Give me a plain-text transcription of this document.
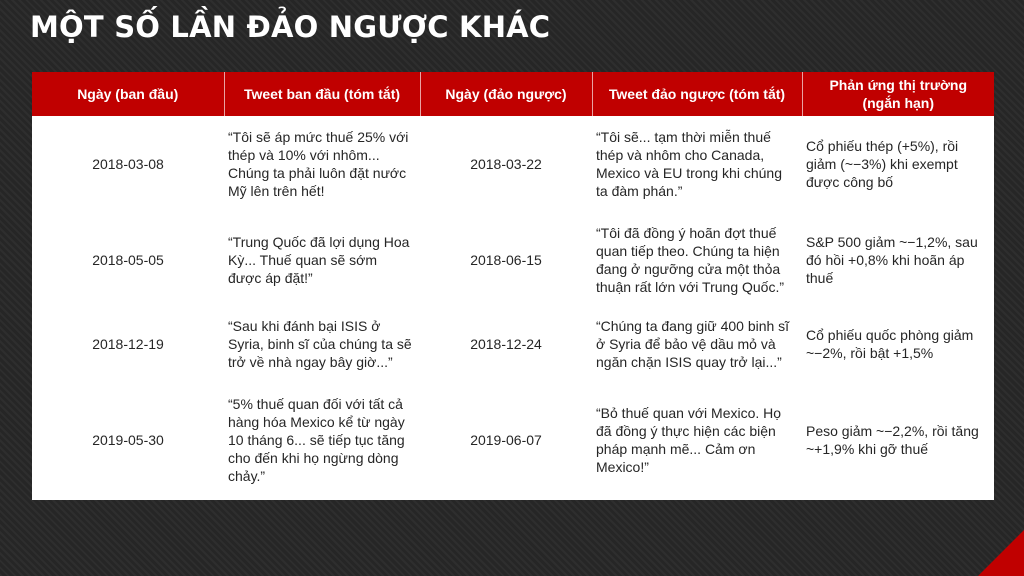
MỘT SỐ LẦN ĐẢO NGƯỢC KHÁC
Ngày (ban đầu)	Tweet ban đầu (tóm tắt)	Ngày (đảo ngược)	Tweet đảo ngược (tóm tắt)	Phản ứng thị trường (ngắn hạn)
2018-03-08	“Tôi sẽ áp mức thuế 25% với thép và 10% với nhôm... Chúng ta phải luôn đặt nước Mỹ lên trên hết!	2018-03-22	“Tôi sẽ... tạm thời miễn thuế thép và nhôm cho Canada, Mexico và EU trong khi chúng ta đàm phán.”	Cổ phiếu thép (+5%), rồi giảm (~−3%) khi exempt được công bố
2018-05-05	“Trung Quốc đã lợi dụng Hoa Kỳ... Thuế quan sẽ sớm được áp đặt!”	2018-06-15	“Tôi đã đồng ý hoãn đợt thuế quan tiếp theo. Chúng ta hiện đang ở ngưỡng cửa một thỏa thuận rất lớn với Trung Quốc.”	S&P 500 giảm ~−1,2%, sau đó hồi +0,8% khi hoãn áp thuế
2018-12-19	“Sau khi đánh bại ISIS ở Syria, binh sĩ của chúng ta sẽ trở về nhà ngay bây giờ...”	2018-12-24	“Chúng ta đang giữ 400 binh sĩ ở Syria để bảo vệ dầu mỏ và ngăn chặn ISIS quay trở lại...”	Cổ phiếu quốc phòng giảm ~−2%, rồi bật +1,5%
2019-05-30	“5% thuế quan đối với tất cả hàng hóa Mexico kể từ ngày 10 tháng 6... sẽ tiếp tục tăng cho đến khi họ ngừng dòng chảy.”	2019-06-07	“Bỏ thuế quan với Mexico. Họ đã đồng ý thực hiện các biện pháp mạnh mẽ... Cảm ơn Mexico!”	Peso giảm ~−2,2%, rồi tăng ~+1,9% khi gỡ thuế
